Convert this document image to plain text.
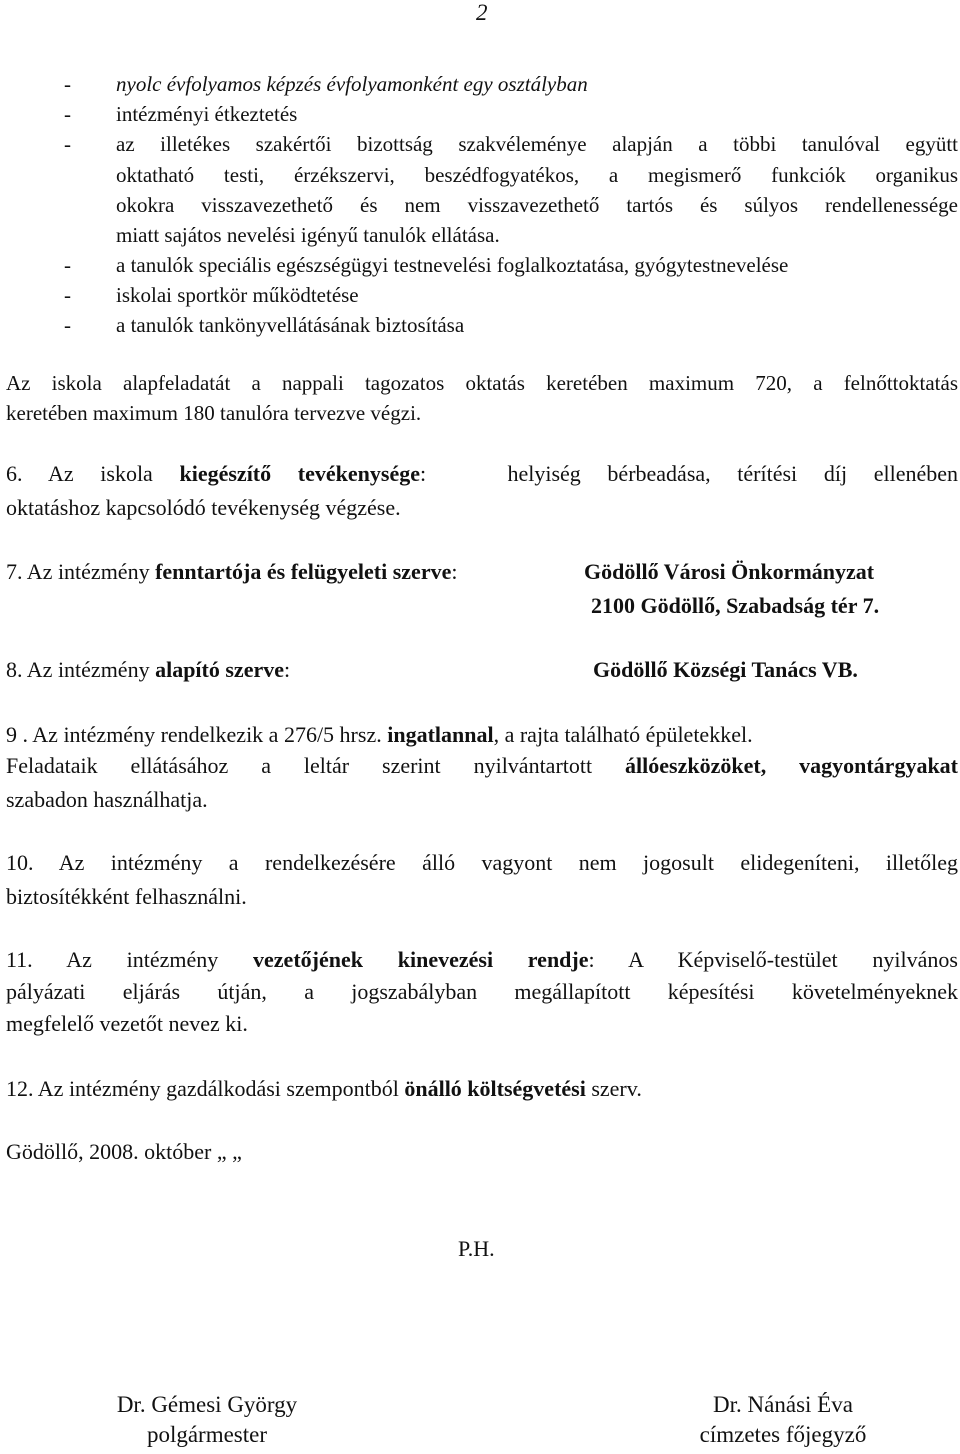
2
- nyolc évfolyamos képzés évfolyamonként egy osztályban
- intézményi étkeztetés
- az illetékes szakértői bizottság szakvéleménye alapján a többi tanulóval együtt
oktatható testi, érzékszervi, beszédfogyatékos, a megismerő funkciók organikus
okokra visszavezethető és nem visszavezethető tartós és súlyos rendellenessége
miatt sajátos nevelési igényű tanulók ellátása.
- a tanulók speciális egészségügyi testnevelési foglalkoztatása, gyógytestnevelése
- iskolai sportkör működtetése
- a tanulók tankönyvellátásának biztosítása
Az iskola alapfeladatát a nappali tagozatos oktatás keretében maximum 720, a felnőttoktatás
keretében maximum 180 tanulóra tervezve végzi.
6. Az iskola kiegészítő tevékenysége:	helyiség bérbeadása, térítési díj ellenében
oktatáshoz kapcsolódó tevékenység végzése.
7. Az intézmény fenntartója és felügyeleti szerve:	Gödöllő Városi Önkormányzat
2100 Gödöllő, Szabadság tér 7.
8. Az intézmény alapító szerve:	Gödöllő Községi Tanács VB.
9 . Az intézmény rendelkezik a 276/5 hrsz. ingatlannal, a rajta található épületekkel.
Feladataik ellátásához a leltár szerint nyilvántartott állóeszközöket, vagyontárgyakat
szabadon használhatja.
10. Az intézmény a rendelkezésére álló vagyont nem jogosult elidegeníteni, illetőleg
biztosítékként felhasználni.
11. Az intézmény vezetőjének kinevezési rendje: A Képviselő-testület nyilvános
pályázati eljárás útján, a jogszabályban megállapított képesítési követelményeknek
megfelelő vezetőt nevez ki.
12. Az intézmény gazdálkodási szempontból önálló költségvetési szerv.
Gödöllő, 2008. október „ „
P.H.
Dr. Gémesi György
polgármester
Dr. Nánási Éva
címzetes főjegyző
